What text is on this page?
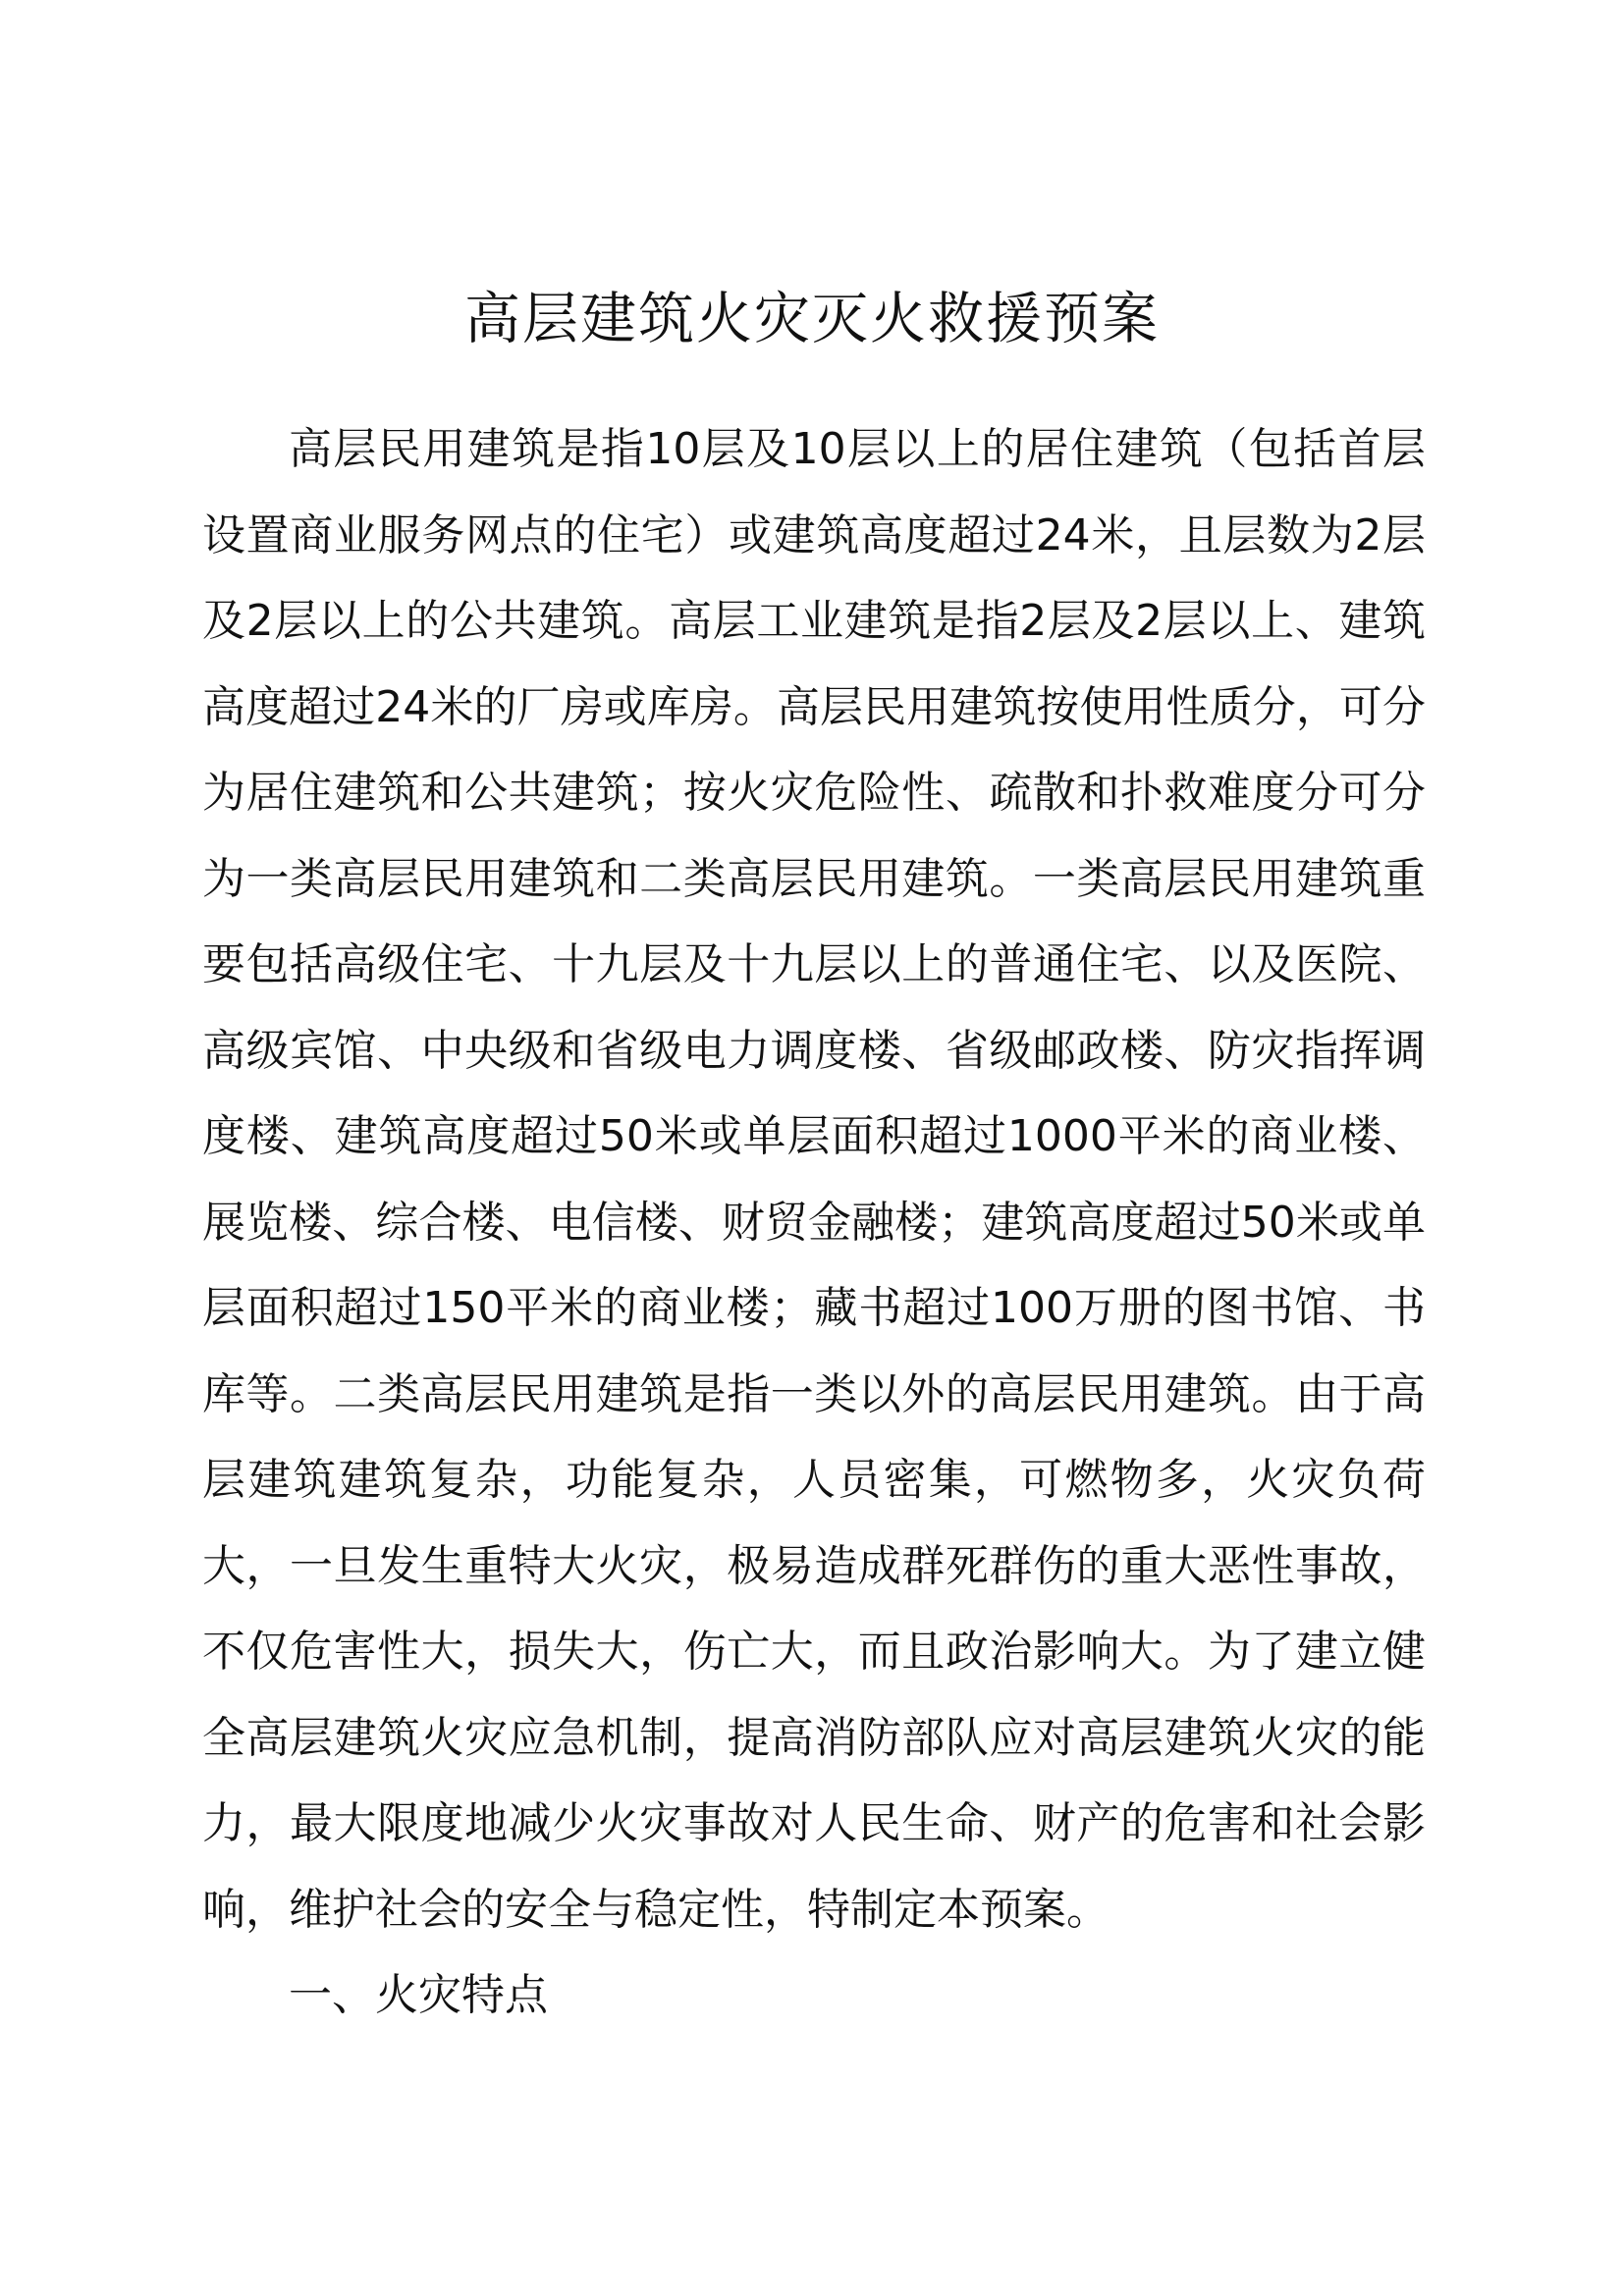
高层建筑火灾灭火救援预案

高层民用建筑是指10层及10层以上的居住建筑（包括首层设置商业服务网点的住宅）或建筑高度超过24米，且层数为2层及2层以上的公共建筑。高层工业建筑是指2层及2层以上、建筑高度超过24米的厂房或库房。高层民用建筑按使用性质分，可分为居住建筑和公共建筑；按火灾危险性、疏散和扑救难度分可分为一类高层民用建筑和二类高层民用建筑。一类高层民用建筑重要包括高级住宅、十九层及十九层以上的普通住宅、以及医院、高级宾馆、中央级和省级电力调度楼、省级邮政楼、防灾指挥调度楼、建筑高度超过50米或单层面积超过1000平米的商业楼、展览楼、综合楼、电信楼、财贸金融楼；建筑高度超过50米或单层面积超过150平米的商业楼；藏书超过100万册的图书馆、书库等。二类高层民用建筑是指一类以外的高层民用建筑。由于高层建筑建筑复杂，功能复杂，人员密集，可燃物多，火灾负荷大，一旦发生重特大火灾，极易造成群死群伤的重大恶性事故，不仅危害性大，损失大，伤亡大，而且政治影响大。为了建立健全高层建筑火灾应急机制，提高消防部队应对高层建筑火灾的能力，最大限度地减少火灾事故对人民生命、财产的危害和社会影响，维护社会的安全与稳定性，特制定本预案。

一、火灾特点
